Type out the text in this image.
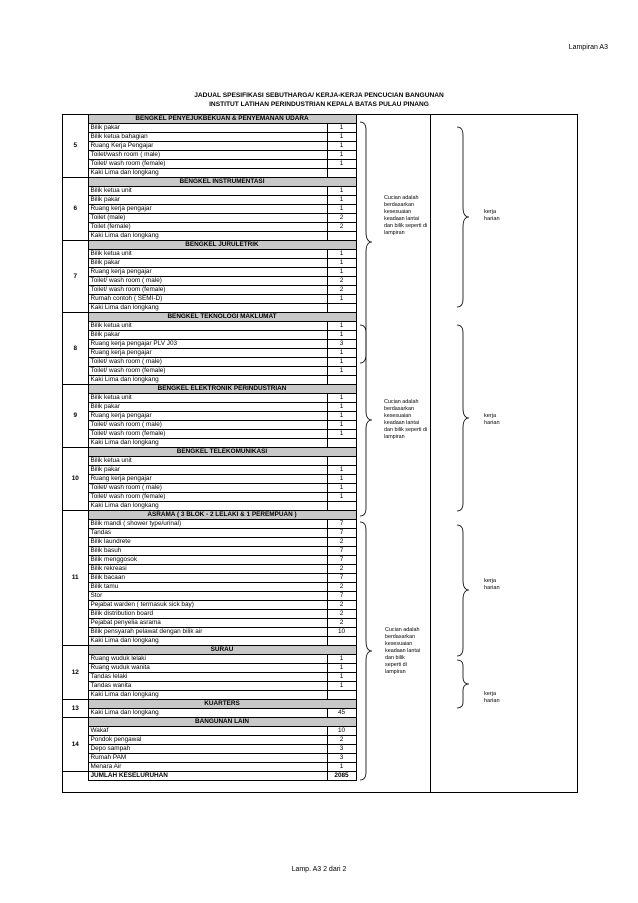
Lampiran A3
JADUAL SPESIFIKASI SEBUTHARGA/ KERJA-KERJA PENCUCIAN BANGUNAN
INSTITUT LATIHAN PERINDUSTRIAN KEPALA BATAS PULAU PINANG
5	BENGKEL PENYEJUKBEKUAN & PENYEMANAN UDARA	
	Bilik pakar	1
	Bilik ketua bahagian	1
	Ruang Kerja Pengajar	1
	Toilet/wash room ( male)	1
	Toilet/ wash room (female)	1
	Kaki Lima dan longkang	
6	BENGKEL INSTRUMENTASI	
	Bilik ketua unit	1
	Bilik pakar	1
	Ruang kerja pengajar	1
	Toilet (male)	2
	Toilet (female)	2
	Kaki Lima dan longkang	
7	BENGKEL JURULETRIK	
	Bilik ketua unit	1
	Bilik pakar	1
	Ruang kerja pengajar	1
	Toilet/ wash room ( male)	2
	Toilet/ wash room (female)	2
	Rumah contoh ( SEMI-D)	1
	Kaki Lima dan longkang	
8	BENGKEL TEKNOLOGI MAKLUMAT	
	Bilik ketua unit	1
	Bilik pakar	1
	Ruang kerja pengajar PLV J03	3
	Ruang kerja pengajar	1
	Toilet/ wash room ( male)	1
	Toilet/ wash room (female)	1
	Kaki Lima dan longkang	
9	BENGKEL ELEKTRONIK PERINDUSTRIAN	
	Bilik ketua unit	1
	Bilik pakar	1
	Ruang kerja pengajar	1
	Toilet/ wash room ( male)	1
	Toilet/ wash room (female)	1
	Kaki Lima dan longkang	
10	BENGKEL TELEKOMUNIKASI	
	Bilik ketua unit	
	Bilik pakar	1
	Ruang kerja pengajar	1
	Toilet/ wash room ( male)	1
	Toilet/ wash room (female)	1
	Kaki Lima dan longkang	
11	ASRAMA ( 3 BLOK - 2 LELAKI & 1 PEREMPUAN )	
	Bilik mandi ( shower type/urinal)	7
	Tandas	7
	Bilik laundrete	2
	Bilik basuh	7
	Bilik menggosok	7
	Bilik rekreasi	2
	Bilik bacaan	7
	Bilik tamu	2
	Stor	7
	Pejabat warden ( termasuk sick bay)	2
	Bilik distribution board	2
	Pejabat penyelia asrama	2
	Bilik pensyarah pelawat dengan bilik air	10
	Kaki Lima dan longkang	
12	SURAU	
	Ruang wuduk lelaki	1
	Ruang wuduk wanita	1
	Tandas lelaki	1
	Tandas wanita	1
	Kaki Lima dan longkang	
13	KUARTERS	
	Kaki Lima dan longkang	45
14	BANGUNAN LAIN	
	Wakaf	10
	Pondok pengawal	2
	Depo sampah	3
	Rumah PAM	3
	Menara Air	1
	JUMLAH KESELURUHAN	2085
Cucian adalah
berdasarkan
kesesuaian
keadaan lantai
dan bilik seperti di
lampiran
Cucian adalah
berdasarkan
kesesuaian
keadaan lantai
dan bilik seperti di
lampiran
Cucian adalah
berdasarkan
kesesuaian
keadaan lantai
dan bilik
seperti di
lampiran
kerja
harian
kerja
harian
kerja
harian
kerja
harian
Lamp. A3 2 dari 2
